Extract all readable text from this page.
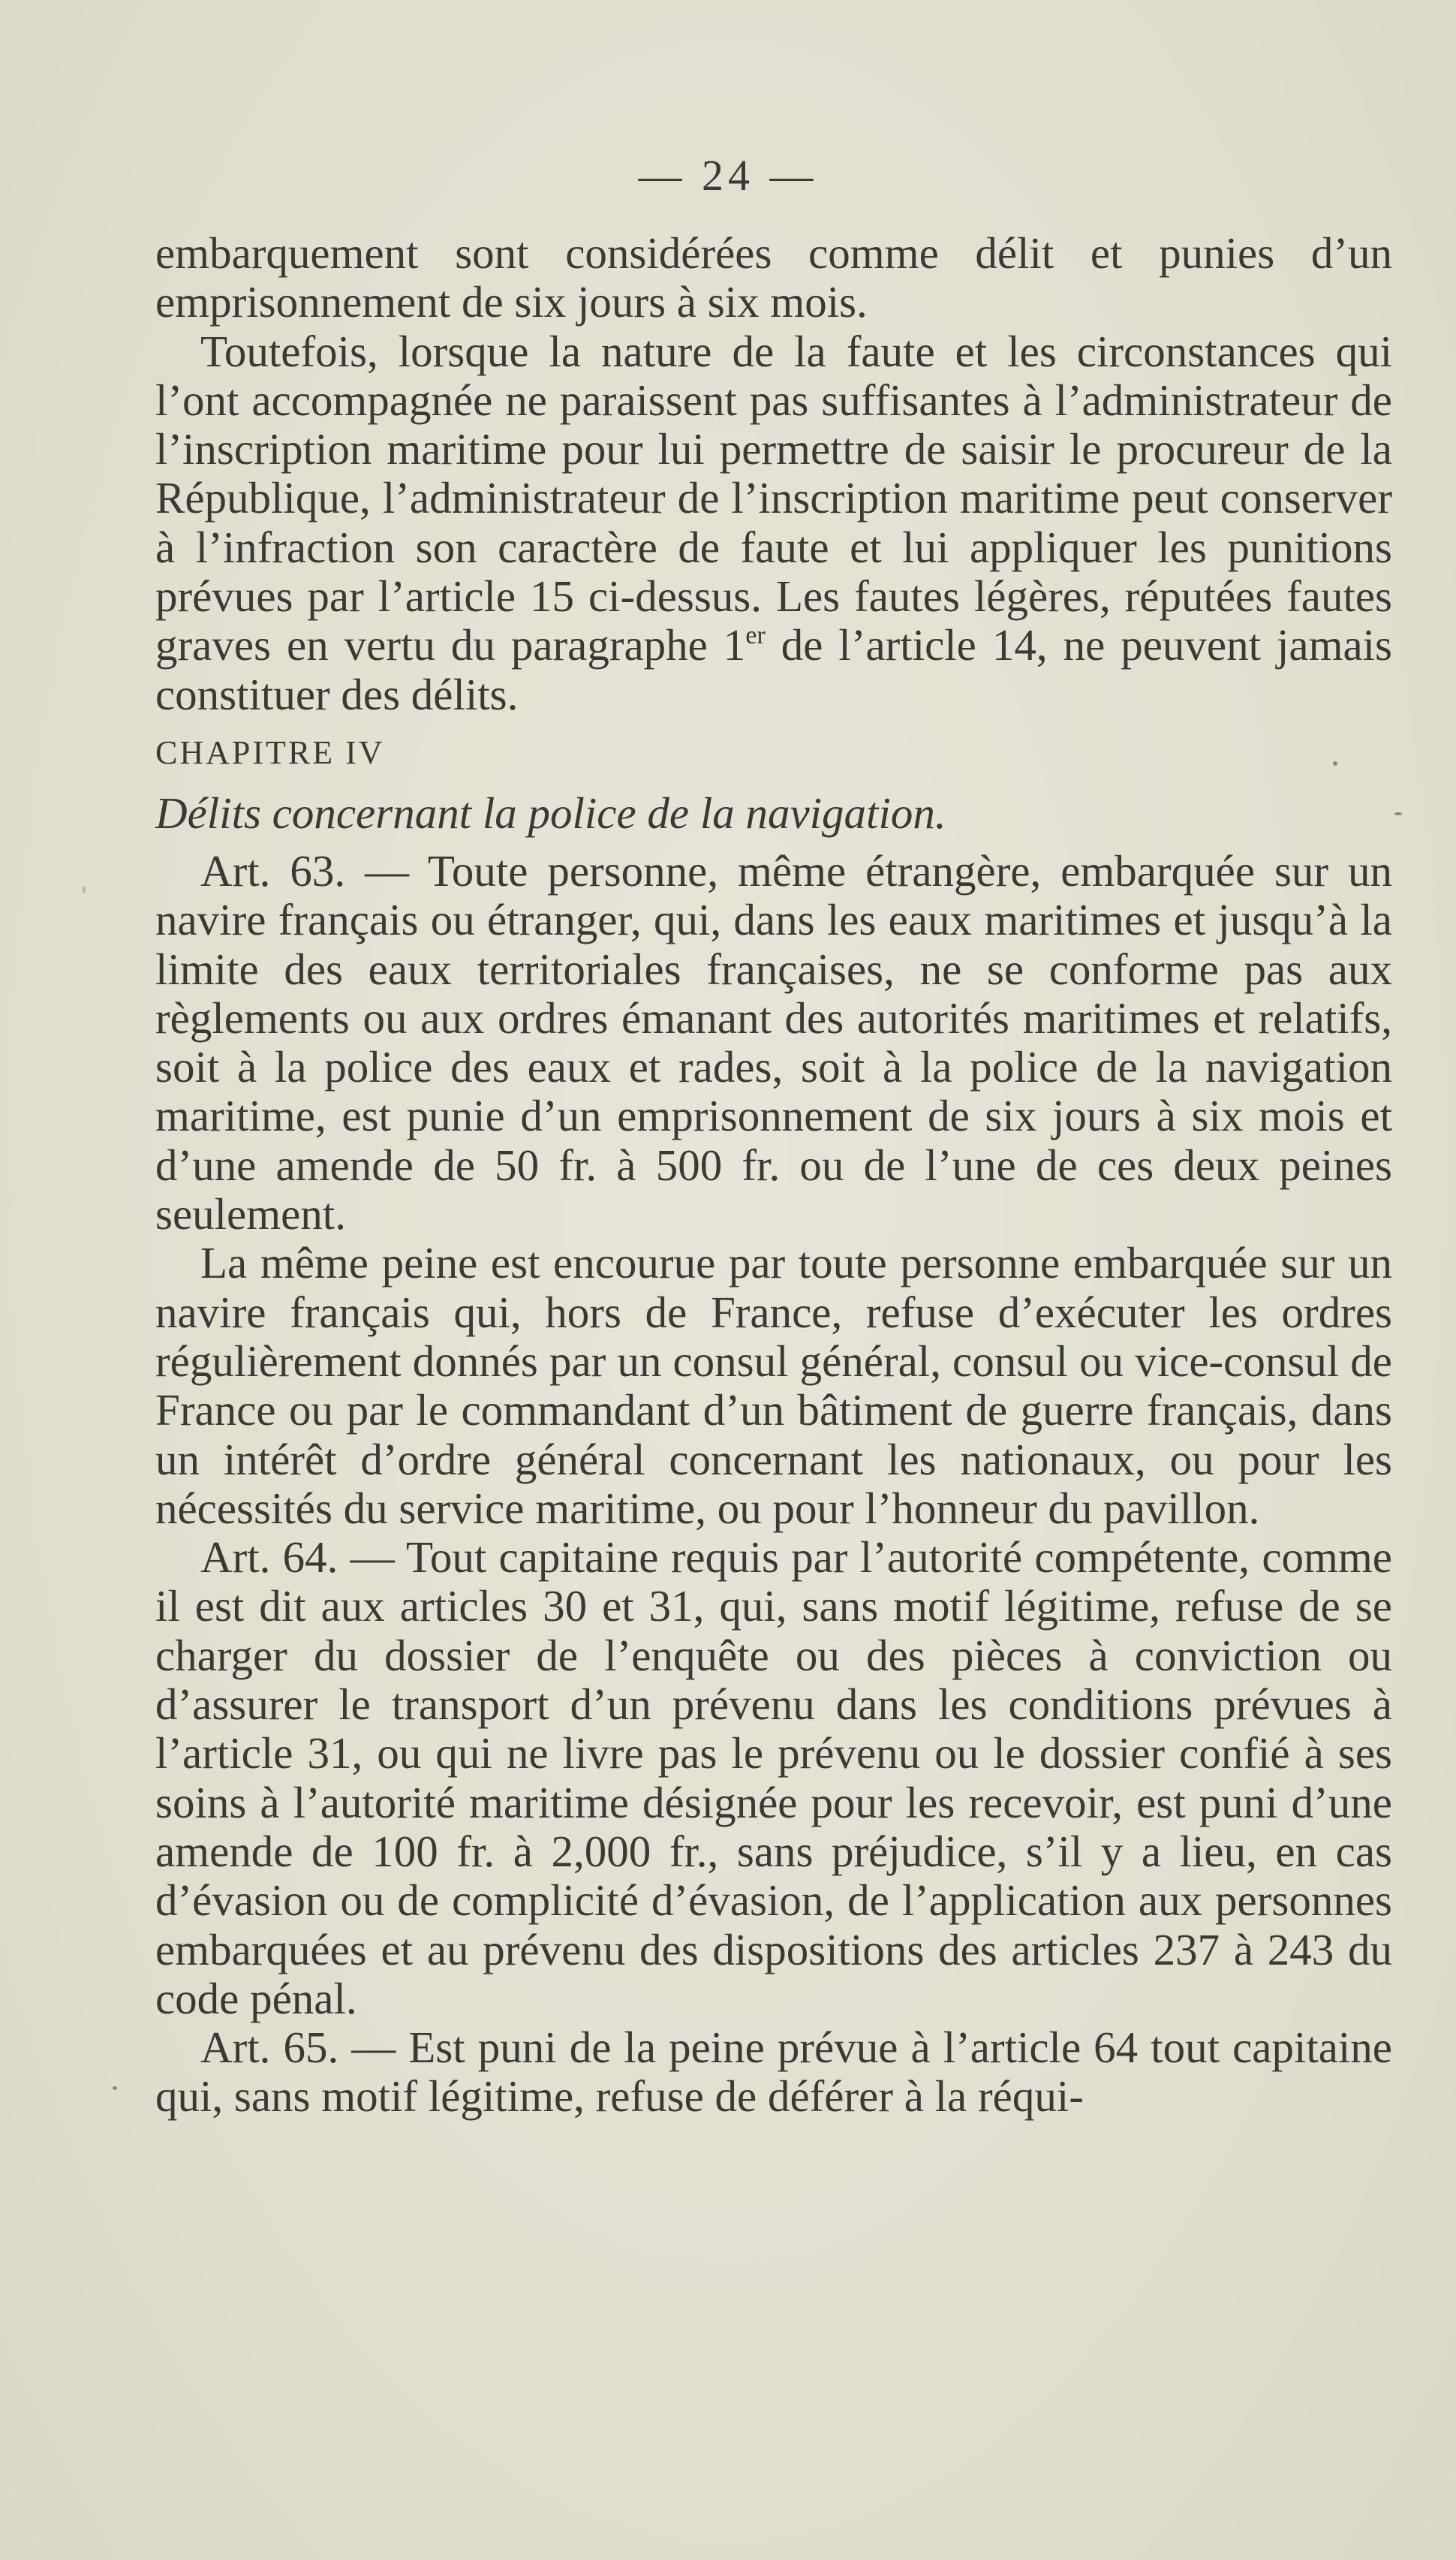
— 24 —

embarquement sont considérées comme délit et punies d’un emprisonnement de six jours à six mois.

Toutefois, lorsque la nature de la faute et les circonstances qui l’ont accompagnée ne paraissent pas suffisantes à l’administrateur de l’inscription maritime pour lui permettre de saisir le procureur de la République, l’administrateur de l’inscription maritime peut conserver à l’infraction son caractère de faute et lui appliquer les punitions prévues par l’article 15 ci-dessus. Les fautes légères, réputées fautes graves en vertu du paragraphe 1er de l’article 14, ne peuvent jamais constituer des délits.

CHAPITRE IV

Délits concernant la police de la navigation.

Art. 63. — Toute personne, même étrangère, embarquée sur un navire français ou étranger, qui, dans les eaux maritimes et jusqu’à la limite des eaux territoriales françaises, ne se conforme pas aux règlements ou aux ordres émanant des autorités maritimes et relatifs, soit à la police des eaux et rades, soit à la police de la navigation maritime, est punie d’un emprisonnement de six jours à six mois et d’une amende de 50 fr. à 500 fr. ou de l’une de ces deux peines seulement.

La même peine est encourue par toute personne embarquée sur un navire français qui, hors de France, refuse d’exécuter les ordres régulièrement donnés par un consul général, consul ou vice-consul de France ou par le commandant d’un bâtiment de guerre français, dans un intérêt d’ordre général concernant les nationaux, ou pour les nécessités du service maritime, ou pour l’honneur du pavillon.

Art. 64. — Tout capitaine requis par l’autorité compétente, comme il est dit aux articles 30 et 31, qui, sans motif légitime, refuse de se charger du dossier de l’enquête ou des pièces à conviction ou d’assurer le transport d’un prévenu dans les conditions prévues à l’article 31, ou qui ne livre pas le prévenu ou le dossier confié à ses soins à l’autorité maritime désignée pour les recevoir, est puni d’une amende de 100 fr. à 2,000 fr., sans préjudice, s’il y a lieu, en cas d’évasion ou de complicité d’évasion, de l’application aux personnes embarquées et au prévenu des dispositions des articles 237 à 243 du code pénal.

Art. 65. — Est puni de la peine prévue à l’article 64 tout capitaine qui, sans motif légitime, refuse de déférer à la réqui-
